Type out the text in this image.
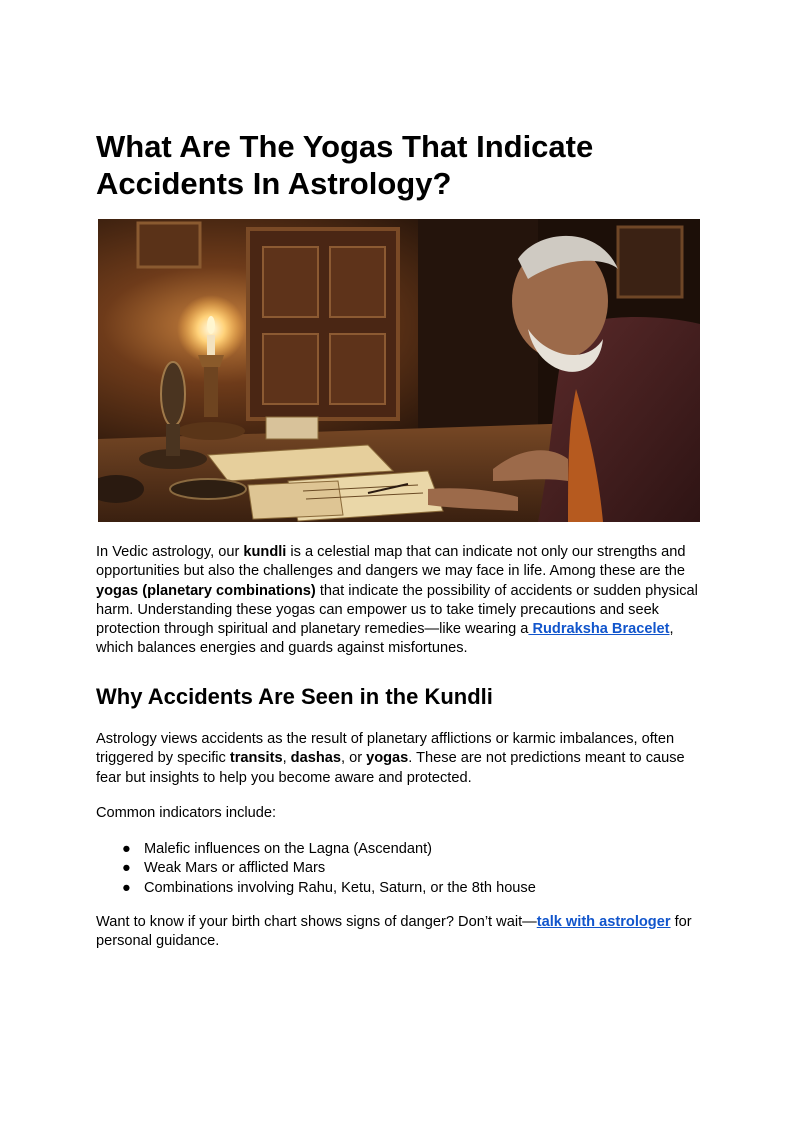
What Are The Yogas That Indicate
Accidents In Astrology?

In Vedic astrology, our kundli is a celestial map that can indicate not only our strengths and opportunities but also the challenges and dangers we may face in life. Among these are the yogas (planetary combinations) that indicate the possibility of accidents or sudden physical harm. Understanding these yogas can empower us to take timely precautions and seek protection through spiritual and planetary remedies—like wearing a Rudraksha Bracelet, which balances energies and guards against misfortunes.

Why Accidents Are Seen in the Kundli

Astrology views accidents as the result of planetary afflictions or karmic imbalances, often triggered by specific transits, dashas, or yogas. These are not predictions meant to cause fear but insights to help you become aware and protected.

Common indicators include:

● Malefic influences on the Lagna (Ascendant)
● Weak Mars or afflicted Mars
● Combinations involving Rahu, Ketu, Saturn, or the 8th house

Want to know if your birth chart shows signs of danger? Don’t wait—talk with astrologer for personal guidance.
